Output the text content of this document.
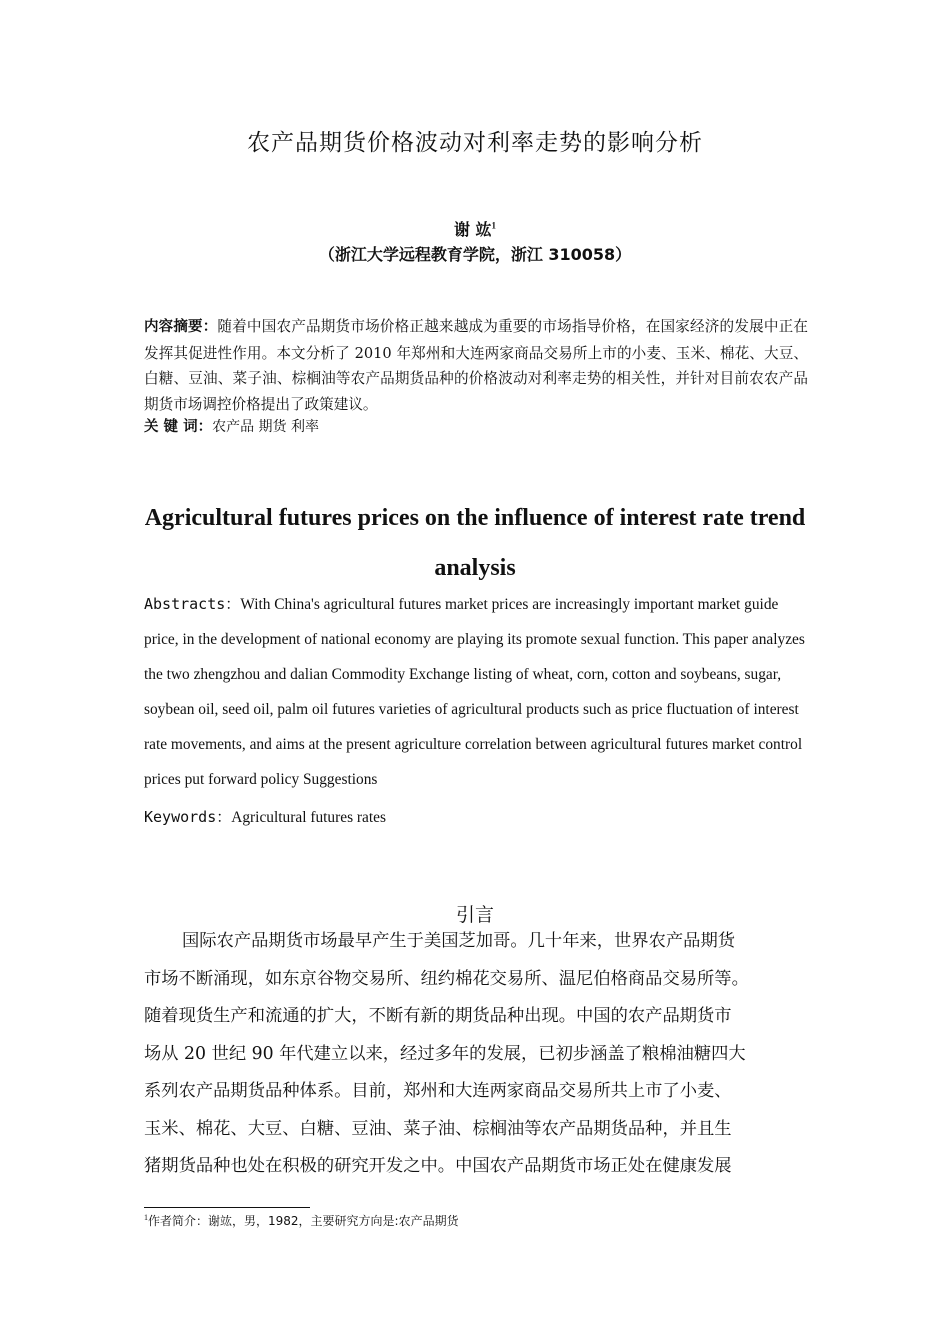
农产品期货价格波动对利率走势的影响分析
谢 竑$^1$
（浙江大学远程教育学院，浙江 310058）
内容摘要：随着中国农产品期货市场价格正越来越成为重要的市场指导价格，在国家经济的发展中正在发挥其促进性作用。本文分析了 2010 年郑州和大连两家商品交易所上市的小麦、玉米、棉花、大豆、白糖、豆油、菜子油、棕榈油等农产品期货品种的价格波动对利率走势的相关性，并针对目前农农产品期货市场调控价格提出了政策建议。
关 键 词：农产品 期货 利率
Agricultural futures prices on the influence of interest rate trend analysis
Abstracts：With China's agricultural futures market prices are increasingly important market guide price, in the development of national economy are playing its promote sexual function. This paper analyzes the two zhengzhou and dalian Commodity Exchange listing of wheat, corn, cotton and soybeans, sugar, soybean oil, seed oil, palm oil futures varieties of agricultural products such as price fluctuation of interest rate movements, and aims at the present agriculture correlation between agricultural futures market control prices put forward policy Suggestions
Keywords：Agricultural futures rates
引言
国际农产品期货市场最早产生于美国芝加哥。几十年来，世界农产品期货
市场不断涌现，如东京谷物交易所、纽约棉花交易所、温尼伯格商品交易所等。
随着现货生产和流通的扩大，不断有新的期货品种出现。中国的农产品期货市
场从 20 世纪 90 年代建立以来，经过多年的发展，已初步涵盖了粮棉油糖四大
系列农产品期货品种体系。目前，郑州和大连两家商品交易所共上市了小麦、
玉米、棉花、大豆、白糖、豆油、菜子油、棕榈油等农产品期货品种，并且生
猪期货品种也处在积极的研究开发之中。中国农产品期货市场正处在健康发展
$^1$作者简介：谢竑，男，1982，主要研究方向是:农产品期货
